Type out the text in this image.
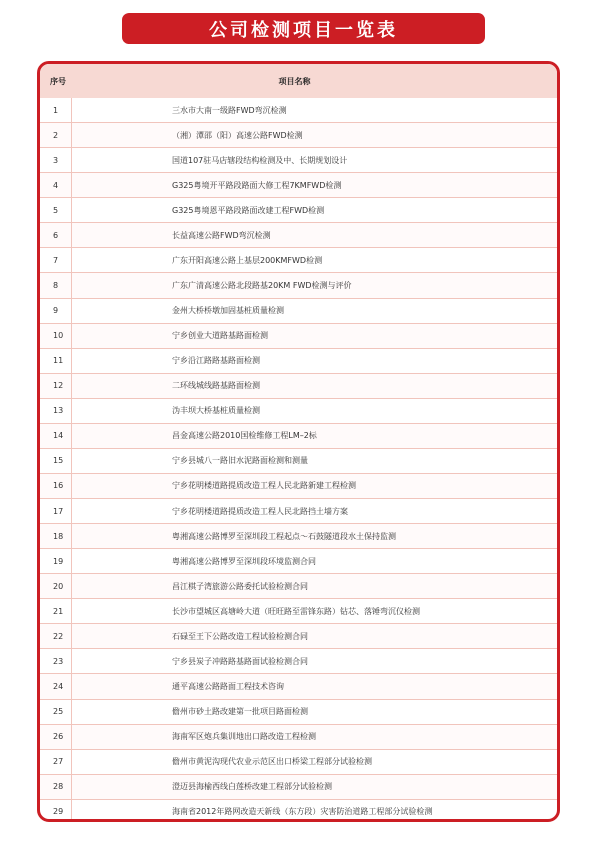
公司检测项目一览表
序号	项目名称
1	三水市大南一级路FWD弯沉检测
2	（湘）潭邵（阳）高速公路FWD检测
3	国道107驻马店辖段结构检测及中、长期规划设计
4	G325粤境开平路段路面大修工程7KMFWD检测
5	G325粤境恩平路段路面改建工程FWD检测
6	长益高速公路FWD弯沉检测
7	广东开阳高速公路上基层200KMFWD检测
8	广东广清高速公路北段路基20KM FWD检测与评价
9	金州大桥桥墩加固基桩质量检测
10	宁乡创业大道路基路面检测
11	宁乡沿江路路基路面检测
12	二环线城线路基路面检测
13	沩丰坝大桥基桩质量检测
14	昌金高速公路2010国检维修工程LM–2标
15	宁乡县城八一路旧水泥路面检测和测量
16	宁乡花明楼道路提质改造工程人民北路新建工程检测
17	宁乡花明楼道路提质改造工程人民北路挡土墙方案
18	粤湘高速公路博罗至深圳段工程起点～石鼓隧道段水土保持监测
19	粤湘高速公路博罗至深圳段环境监测合同
20	昌江棋子湾旅游公路委托试验检测合同
21	长沙市望城区高塘岭大道（旺旺路至雷锋东路）钻芯、落锤弯沉仪检测
22	石碌至王下公路改造工程试验检测合同
23	宁乡县炭子冲路路基路面试验检测合同
24	通平高速公路路面工程技术咨询
25	儋州市砂土路改建第一批项目路面检测
26	海南军区炮兵集训地出口路改造工程检测
27	儋州市黄泥沟现代农业示范区出口桥梁工程部分试验检测
28	澄迈县海榆西线白莲桥改建工程部分试验检测
29	海南省2012年路网改造天新线（东方段）灾害防治道路工程部分试验检测
